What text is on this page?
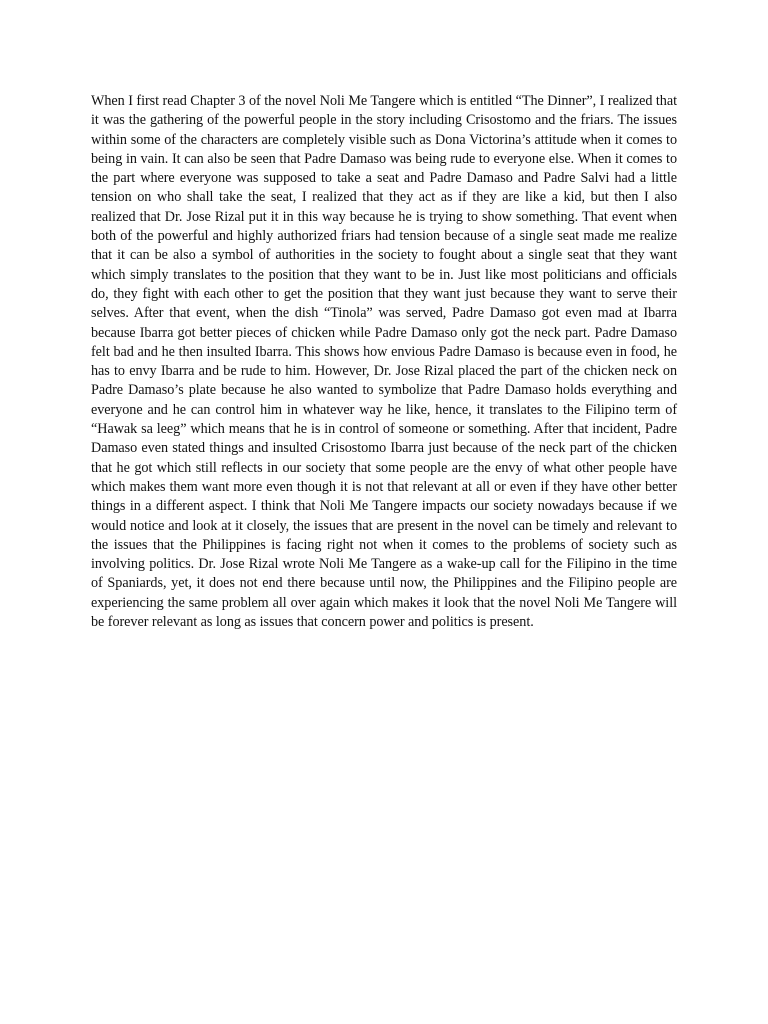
When I first read Chapter 3 of the novel Noli Me Tangere which is entitled “The Dinner”, I realized that it was the gathering of the powerful people in the story including Crisostomo and the friars. The issues within some of the characters are completely visible such as Dona Victorina’s attitude when it comes to being in vain. It can also be seen that Padre Damaso was being rude to everyone else. When it comes to the part where everyone was supposed to take a seat and Padre Damaso and Padre Salvi had a little tension on who shall take the seat, I realized that they act as if they are like a kid, but then I also realized that Dr. Jose Rizal put it in this way because he is trying to show something. That event when both of the powerful and highly authorized friars had tension because of a single seat made me realize that it can be also a symbol of authorities in the society to fought about a single seat that they want which simply translates to the position that they want to be in. Just like most politicians and officials do, they fight with each other to get the position that they want just because they want to serve their selves. After that event, when the dish “Tinola” was served, Padre Damaso got even mad at Ibarra because Ibarra got better pieces of chicken while Padre Damaso only got the neck part. Padre Damaso felt bad and he then insulted Ibarra. This shows how envious Padre Damaso is because even in food, he has to envy Ibarra and be rude to him. However, Dr. Jose Rizal placed the part of the chicken neck on Padre Damaso’s plate because he also wanted to symbolize that Padre Damaso holds everything and everyone and he can control him in whatever way he like, hence, it translates to the Filipino term of “Hawak sa leeg” which means that he is in control of someone or something. After that incident, Padre Damaso even stated things and insulted Crisostomo Ibarra just because of the neck part of the chicken that he got which still reflects in our society that some people are the envy of what other people have which makes them want more even though it is not that relevant at all or even if they have other better things in a different aspect. I think that Noli Me Tangere impacts our society nowadays because if we would notice and look at it closely, the issues that are present in the novel can be timely and relevant to the issues that the Philippines is facing right not when it comes to the problems of society such as involving politics. Dr. Jose Rizal wrote Noli Me Tangere as a wake-up call for the Filipino in the time of Spaniards, yet, it does not end there because until now, the Philippines and the Filipino people are experiencing the same problem all over again which makes it look that the novel Noli Me Tangere will be forever relevant as long as issues that concern power and politics is present.
